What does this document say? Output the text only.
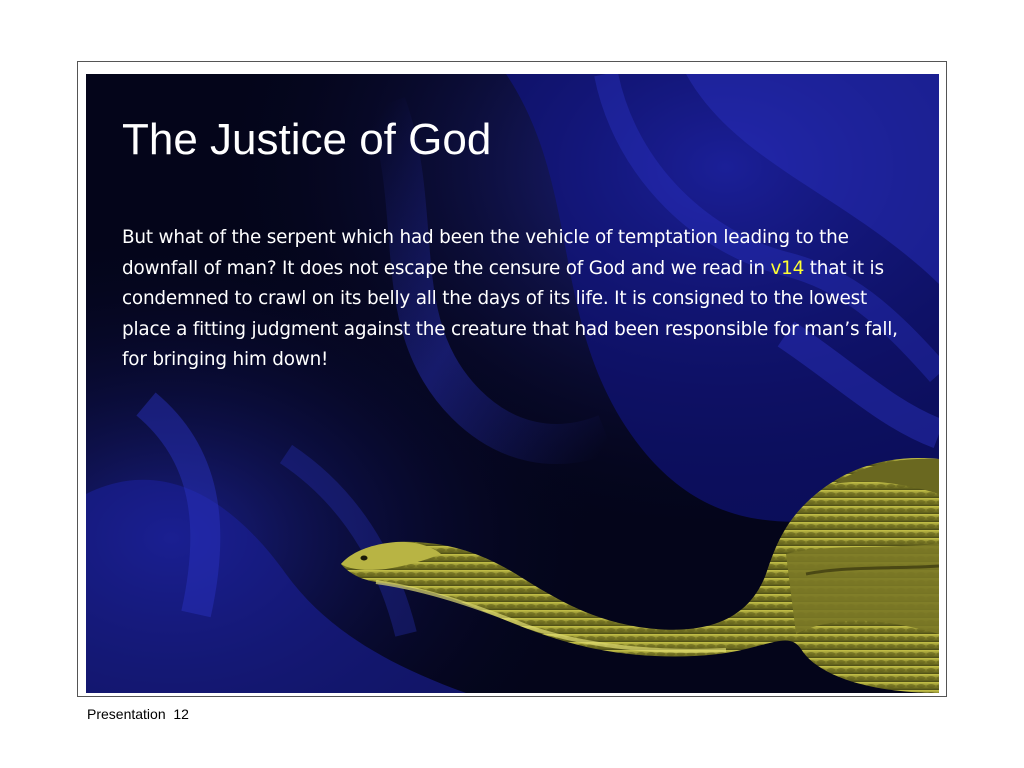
The Justice of God

But what of the serpent which had been the vehicle of temptation leading to the downfall of man? It does not escape the censure of God and we read in v14 that it is condemned to crawl on its belly all the days of its life. It is consigned to the lowest place a fitting judgment against the creature that had been responsible for man’s fall, for bringing him down!

Presentation 12
